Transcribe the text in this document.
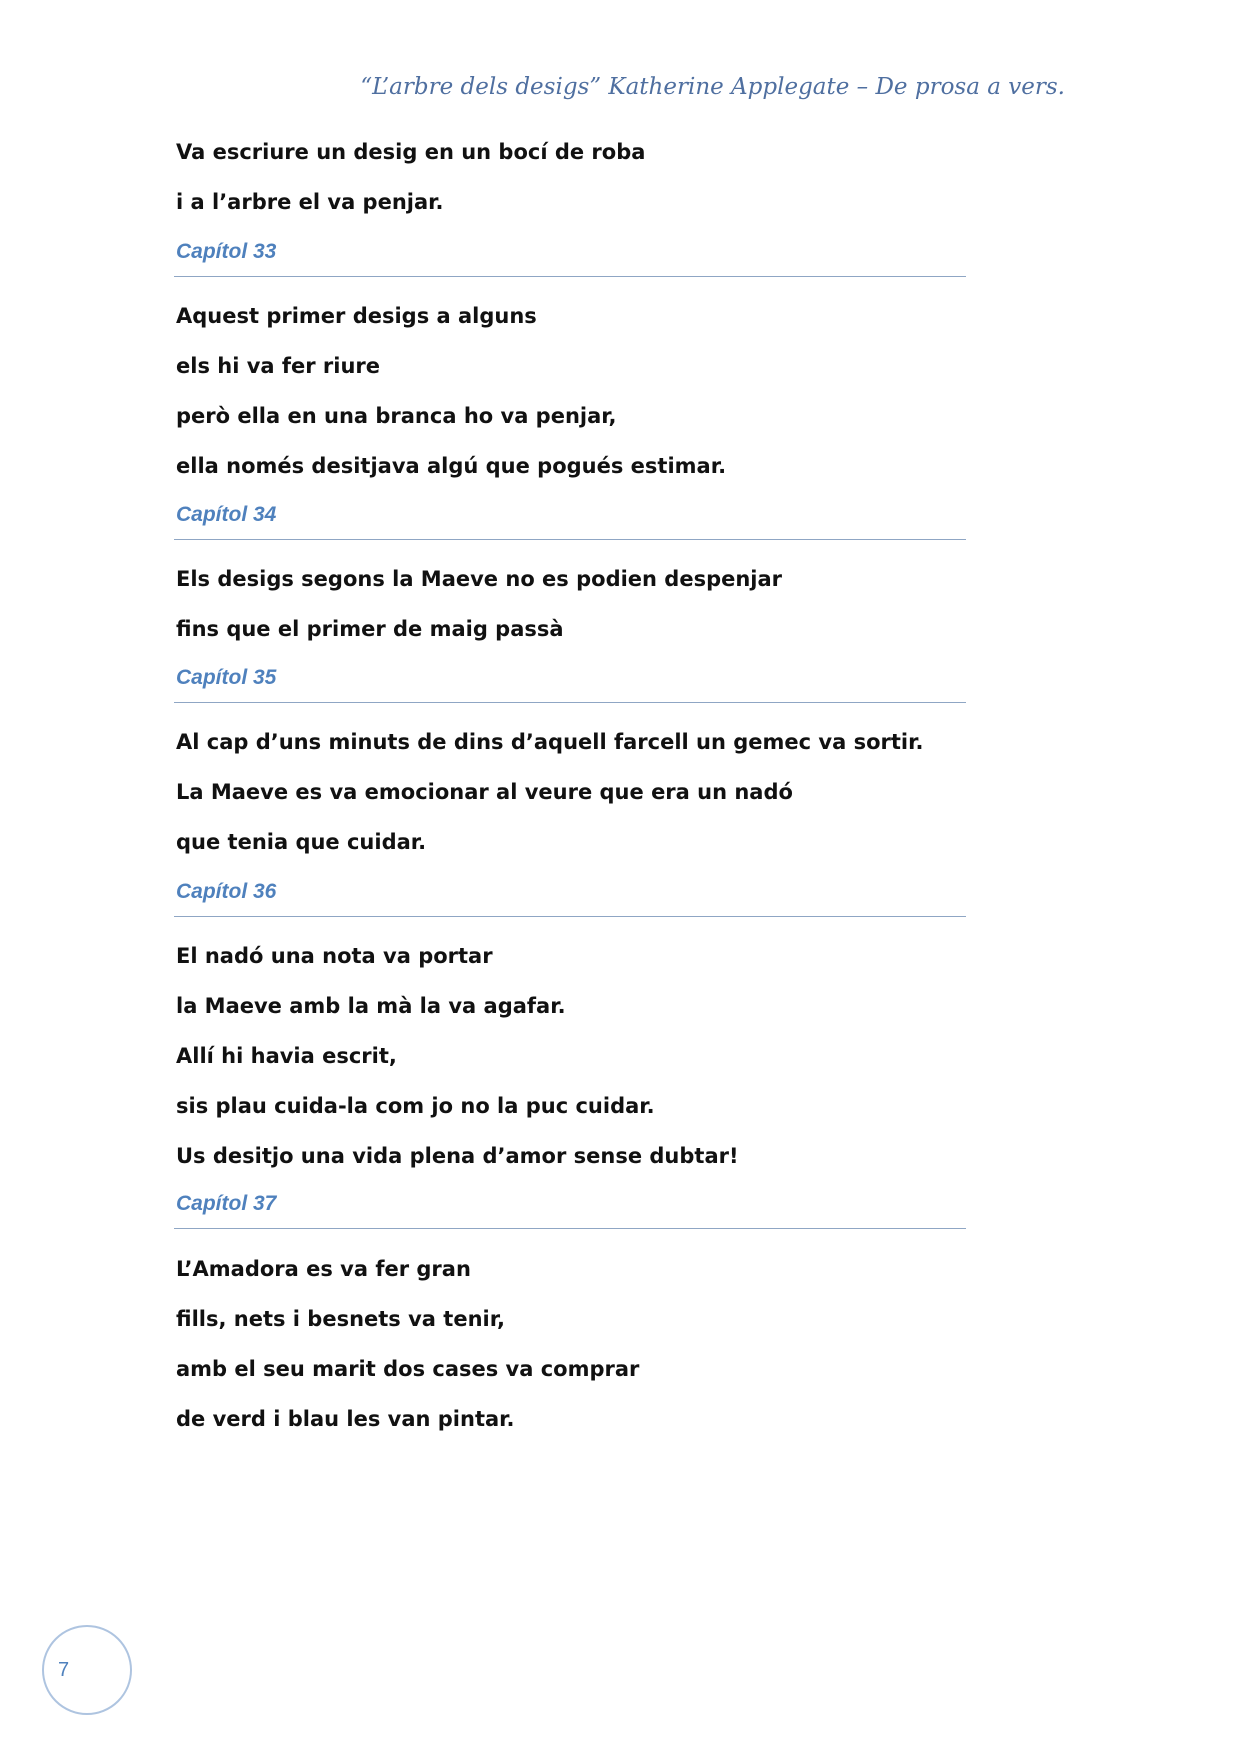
“L’arbre dels desigs” Katherine Applegate – De prosa a vers.
Va escriure un desig en un bocí de roba
i a l’arbre el va penjar.
Capítol 33
Aquest primer desigs a alguns
els hi va fer riure
però ella en una branca ho va penjar,
ella només desitjava algú que pogués estimar.
Capítol 34
Els desigs segons la Maeve no es podien despenjar
fins que el primer de maig passà
Capítol 35
Al cap d’uns minuts de dins d’aquell farcell un gemec va sortir.
La Maeve es va emocionar al veure que era un nadó
que tenia que cuidar.
Capítol 36
El nadó una nota va portar
la Maeve amb la mà la va agafar.
Allí hi havia escrit,
sis plau cuida-la com jo no la puc cuidar.
Us desitjo una vida plena d’amor sense dubtar!
Capítol 37
L’Amadora es va fer gran
fills, nets i besnets va tenir,
amb el seu marit dos cases va comprar
de verd i blau les van pintar.
7
